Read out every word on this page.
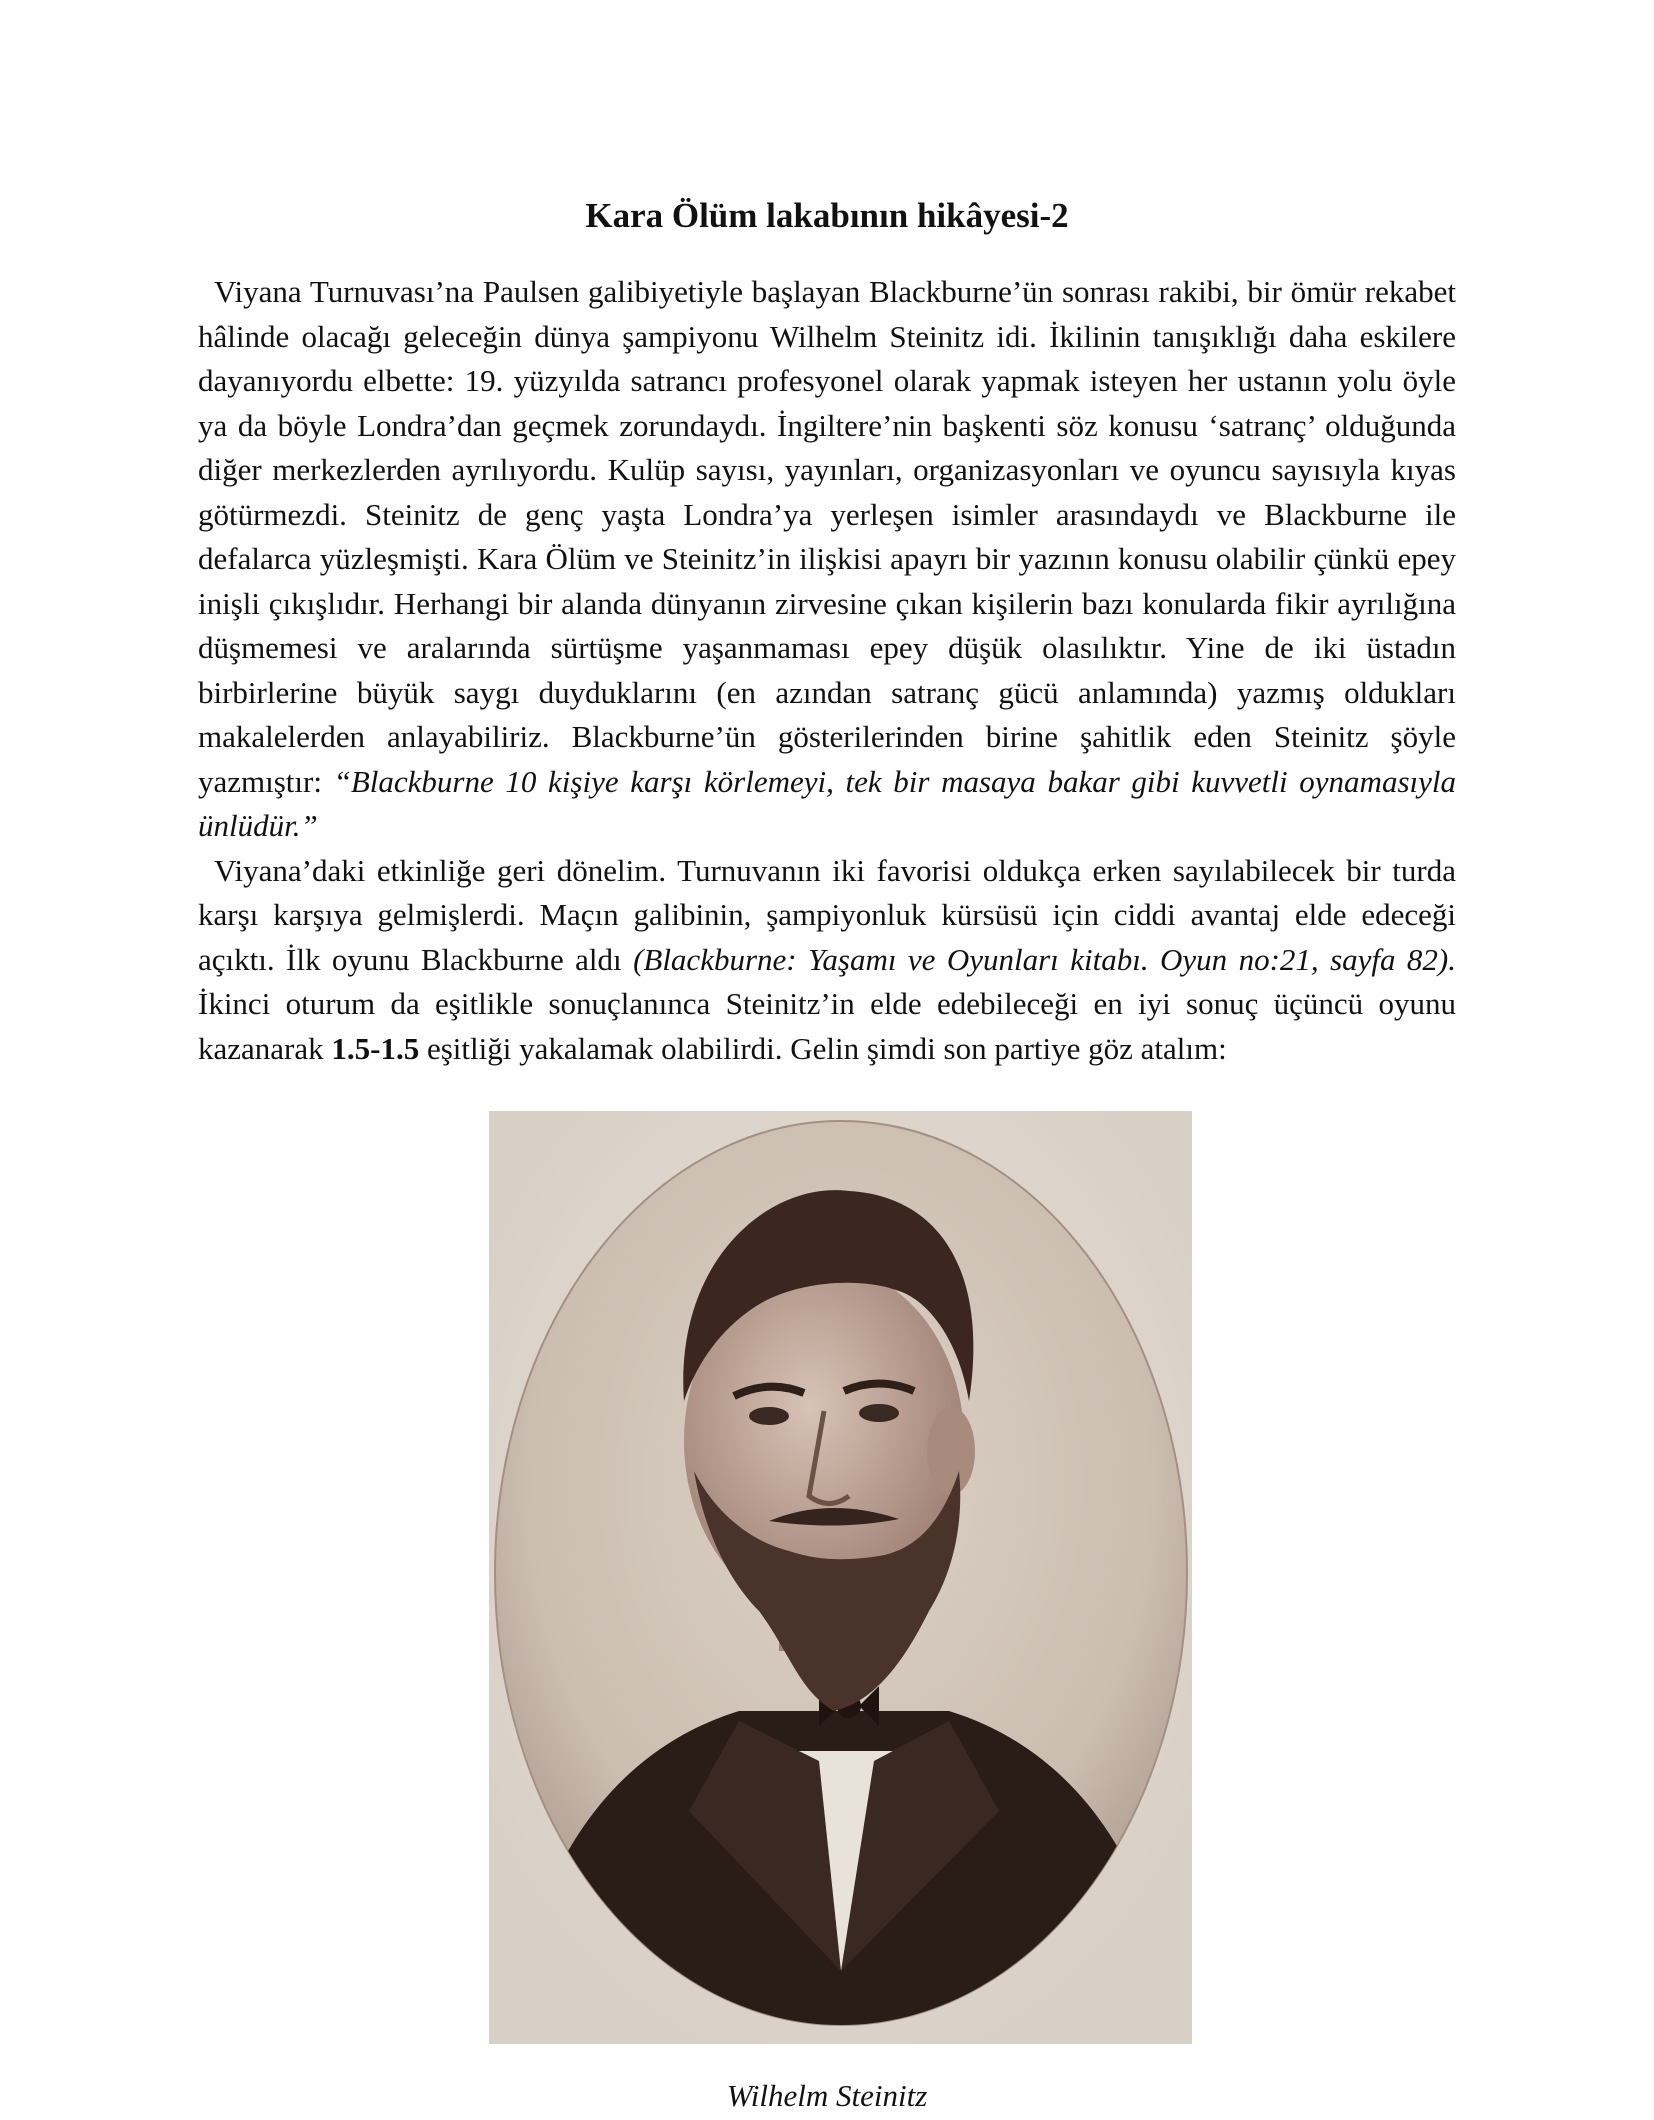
Kara Ölüm lakabının hikâyesi-2

Viyana Turnuvası’na Paulsen galibiyetiyle başlayan Blackburne’ün sonrası rakibi, bir ömür rekabet hâlinde olacağı geleceğin dünya şampiyonu Wilhelm Steinitz idi. İkilinin tanışıklığı daha eskilere dayanıyordu elbette: 19. yüzyılda satrancı profesyonel olarak yapmak isteyen her ustanın yolu öyle ya da böyle Londra’dan geçmek zorundaydı. İngiltere’nin başkenti söz konusu ‘satranç’ olduğunda diğer merkezlerden ayrılıyordu. Kulüp sayısı, yayınları, organizasyonları ve oyuncu sayısıyla kıyas götürmezdi. Steinitz de genç yaşta Londra’ya yerleşen isimler arasındaydı ve Blackburne ile defalarca yüzleşmişti. Kara Ölüm ve Steinitz’in ilişkisi apayrı bir yazının konusu olabilir çünkü epey inişli çıkışlıdır. Herhangi bir alanda dünyanın zirvesine çıkan kişilerin bazı konularda fikir ayrılığına düşmemesi ve aralarında sürtüşme yaşanmaması epey düşük olasılıktır. Yine de iki üstadın birbirlerine büyük saygı duyduklarını (en azından satranç gücü anlamında) yazmış oldukları makalelerden anlayabiliriz. Blackburne’ün gösterilerinden birine şahitlik eden Steinitz şöyle yazmıştır: “Blackburne 10 kişiye karşı körlemeyi, tek bir masaya bakar gibi kuvvetli oynamasıyla ünlüdür.”

Viyana’daki etkinliğe geri dönelim. Turnuvanın iki favorisi oldukça erken sayılabilecek bir turda karşı karşıya gelmişlerdi. Maçın galibinin, şampiyonluk kürsüsü için ciddi avantaj elde edeceği açıktı. İlk oyunu Blackburne aldı (Blackburne: Yaşamı ve Oyunları kitabı. Oyun no:21, sayfa 82). İkinci oturum da eşitlikle sonuçlanınca Steinitz’in elde edebileceği en iyi sonuç üçüncü oyunu kazanarak 1.5-1.5 eşitliği yakalamak olabilirdi. Gelin şimdi son partiye göz atalım:

Wilhelm Steinitz
